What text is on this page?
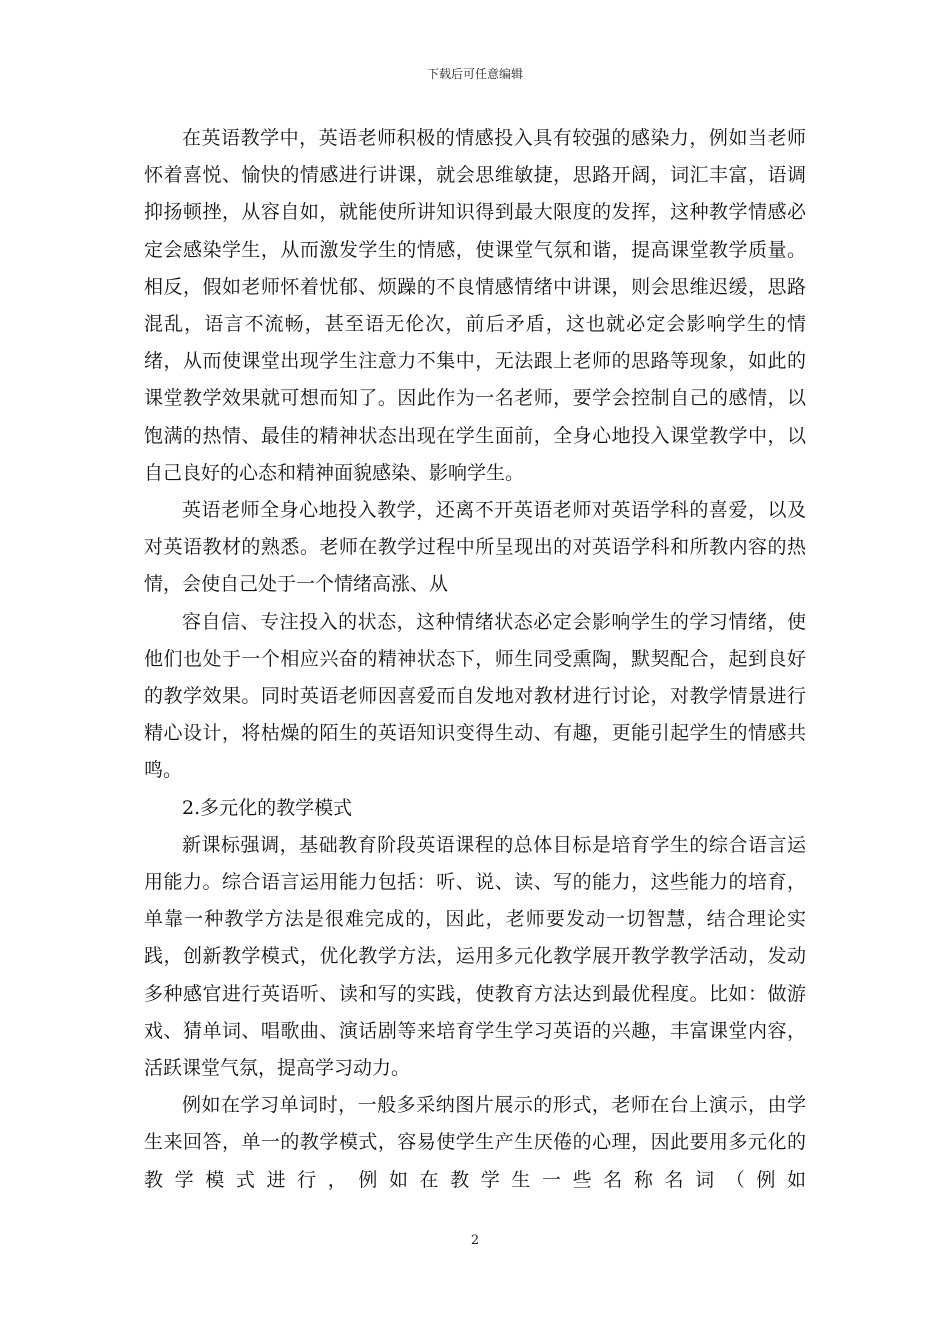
下载后可任意编辑

在英语教学中，英语老师积极的情感投入具有较强的感染力，例如当老师怀着喜悦、愉快的情感进行讲课，就会思维敏捷，思路开阔，词汇丰富，语调抑扬顿挫，从容自如，就能使所讲知识得到最大限度的发挥，这种教学情感必定会感染学生，从而激发学生的情感，使课堂气氛和谐，提高课堂教学质量。相反，假如老师怀着忧郁、烦躁的不良情感情绪中讲课，则会思维迟缓，思路混乱，语言不流畅，甚至语无伦次，前后矛盾，这也就必定会影响学生的情绪，从而使课堂出现学生注意力不集中，无法跟上老师的思路等现象，如此的课堂教学效果就可想而知了。因此作为一名老师，要学会控制自己的感情，以饱满的热情、最佳的精神状态出现在学生面前，全身心地投入课堂教学中，以自己良好的心态和精神面貌感染、影响学生。

英语老师全身心地投入教学，还离不开英语老师对英语学科的喜爱，以及对英语教材的熟悉。老师在教学过程中所呈现出的对英语学科和所教内容的热情，会使自己处于一个情绪高涨、从

容自信、专注投入的状态，这种情绪状态必定会影响学生的学习情绪，使他们也处于一个相应兴奋的精神状态下，师生同受熏陶，默契配合，起到良好的教学效果。同时英语老师因喜爱而自发地对教材进行讨论，对教学情景进行精心设计，将枯燥的陌生的英语知识变得生动、有趣，更能引起学生的情感共鸣。

2.多元化的教学模式

新课标强调，基础教育阶段英语课程的总体目标是培育学生的综合语言运用能力。综合语言运用能力包括：听、说、读、写的能力，这些能力的培育，单靠一种教学方法是很难完成的，因此，老师要发动一切智慧，结合理论实践，创新教学模式，优化教学方法，运用多元化教学展开教学教学活动，发动多种感官进行英语听、读和写的实践，使教育方法达到最优程度。比如：做游戏、猜单词、唱歌曲、演话剧等来培育学生学习英语的兴趣，丰富课堂内容，活跃课堂气氛，提高学习动力。

例如在学习单词时，一般多采纳图片展示的形式，老师在台上演示，由学生来回答，单一的教学模式，容易使学生产生厌倦的心理，因此要用多元化的教学模式进行，例如在教学生一些名称名词（例如

2
